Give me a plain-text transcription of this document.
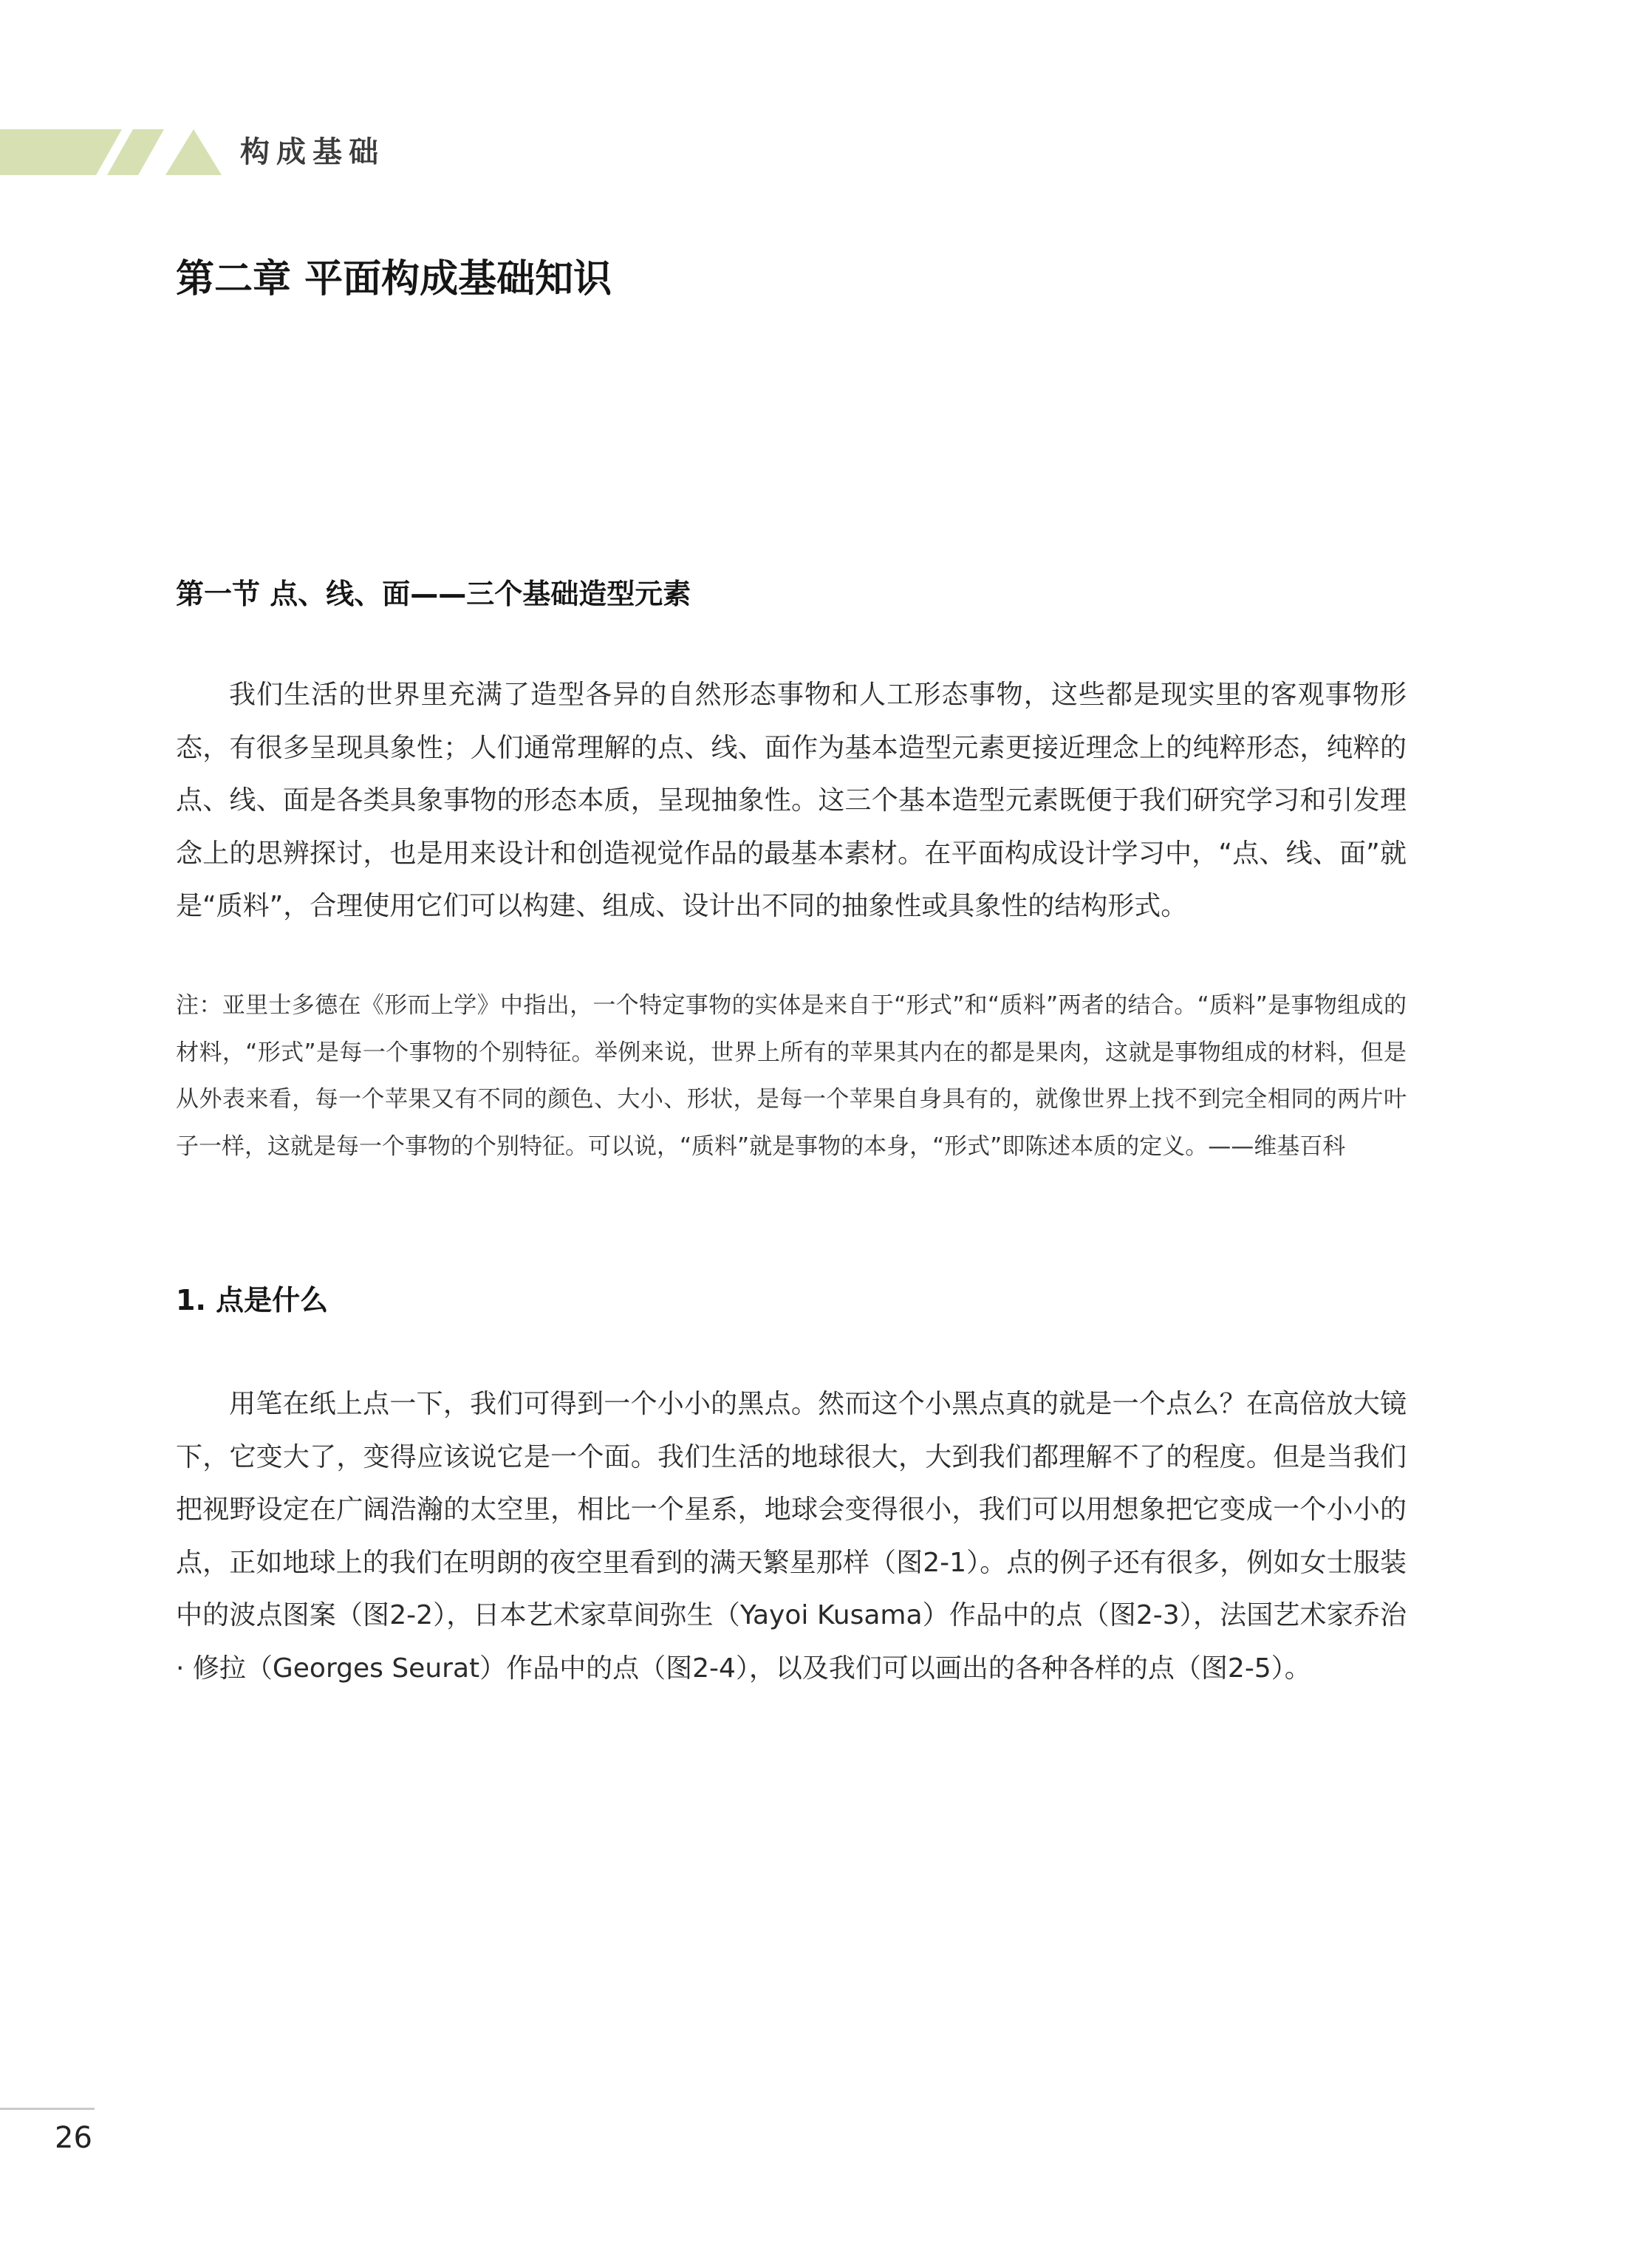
构成基础
第二章 平面构成基础知识
第一节 点、线、面——三个基础造型元素

我们生活的世界里充满了造型各异的自然形态事物和人工形态事物，这些都是现实里的客观事物形态，有很多呈现具象性；人们通常理解的点、线、面作为基本造型元素更接近理念上的纯粹形态，纯粹的点、线、面是各类具象事物的形态本质，呈现抽象性。这三个基本造型元素既便于我们研究学习和引发理念上的思辨探讨，也是用来设计和创造视觉作品的最基本素材。在平面构成设计学习中，“点、线、面”就是“质料”，合理使用它们可以构建、组成、设计出不同的抽象性或具象性的结构形式。

注：亚里士多德在《形而上学》中指出，一个特定事物的实体是来自于“形式”和“质料”两者的结合。“质料”是事物组成的材料，“形式”是每一个事物的个别特征。举例来说，世界上所有的苹果其内在的都是果肉，这就是事物组成的材料，但是从外表来看，每一个苹果又有不同的颜色、大小、形状，是每一个苹果自身具有的，就像世界上找不到完全相同的两片叶子一样，这就是每一个事物的个别特征。可以说，“质料”就是事物的本身，“形式”即陈述本质的定义。——维基百科

1. 点是什么

用笔在纸上点一下，我们可得到一个小小的黑点。然而这个小黑点真的就是一个点么？在高倍放大镜下，它变大了，变得应该说它是一个面。我们生活的地球很大，大到我们都理解不了的程度。但是当我们把视野设定在广阔浩瀚的太空里，相比一个星系，地球会变得很小，我们可以用想象把它变成一个小小的点，正如地球上的我们在明朗的夜空里看到的满天繁星那样（图2-1）。点的例子还有很多，例如女士服装中的波点图案（图2-2），日本艺术家草间弥生（Yayoi Kusama）作品中的点（图2-3），法国艺术家乔治 · 修拉（Georges Seurat）作品中的点（图2-4），以及我们可以画出的各种各样的点（图2-5）。

26
